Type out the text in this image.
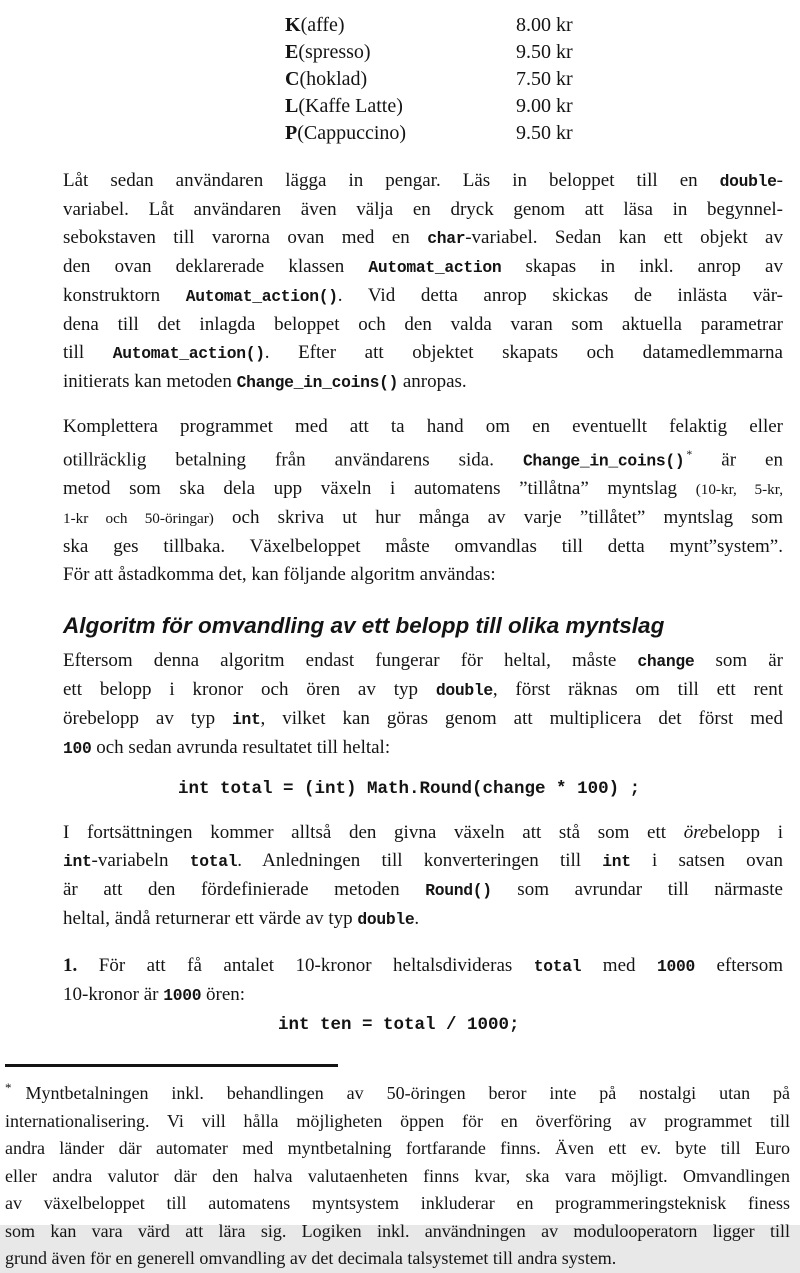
K(affe)	8.00 kr
E(spresso)	9.50 kr
C(hoklad)	7.50 kr
L(Kaffe Latte)	9.00 kr
P(Cappuccino)	9.50 kr
Låt sedan användaren lägga in pengar. Läs in beloppet till en double-
variabel. Låt användaren även välja en dryck genom att läsa in begynnel-
sebokstaven till varorna ovan med en char-variabel. Sedan kan ett objekt av
den ovan deklarerade klassen Automat_action skapas in inkl. anrop av
konstruktorn Automat_action(). Vid detta anrop skickas de inlästa vär-
dena till det inlagda beloppet och den valda varan som aktuella parametrar
till Automat_action(). Efter att objektet skapats och datamedlemmarna
initierats kan metoden Change_in_coins() anropas.
Komplettera programmet med att ta hand om en eventuellt felaktig eller
otillräcklig betalning från användarens sida. Change_in_coins() * är en
metod som ska dela upp växeln i automatens ”tillåtna” myntslag (10-kr, 5-kr,
1-kr och 50-öringar) och skriva ut hur många av varje ”tillåtet” myntslag som
ska ges tillbaka. Växelbeloppet måste omvandlas till detta mynt”system”.
För att åstadkomma det, kan följande algoritm användas:
Algoritm för omvandling av ett belopp till olika myntslag
Eftersom denna algoritm endast fungerar för heltal, måste change som är
ett belopp i kronor och ören av typ double, först räknas om till ett rent
örebelopp av typ int, vilket kan göras genom att multiplicera det först med
100 och sedan avrunda resultatet till heltal:
int total = (int) Math.Round(change * 100) ;
I fortsättningen kommer alltså den givna växeln att stå som ett örebelopp i
int-variabeln total. Anledningen till konverteringen till int i satsen ovan
är att den fördefinierade metoden Round() som avrundar till närmaste
heltal, ändå returnerar ett värde av typ double.
1. För att få antalet 10-kronor heltalsdivideras total med 1000 eftersom
10-kronor är 1000 ören:
int ten = total / 1000;
* Myntbetalningen inkl. behandlingen av 50-öringen beror inte på nostalgi utan på
internationalisering. Vi vill hålla möjligheten öppen för en överföring av programmet till
andra länder där automater med myntbetalning fortfarande finns. Även ett ev. byte till Euro
eller andra valutor där den halva valutaenheten finns kvar, ska vara möjligt. Omvandlingen
av växelbeloppet till automatens myntsystem inkluderar en programmeringsteknisk finess
som kan vara värd att lära sig. Logiken inkl. användningen av modulooperatorn ligger till
grund även för en generell omvandling av det decimala talsystemet till andra system.
